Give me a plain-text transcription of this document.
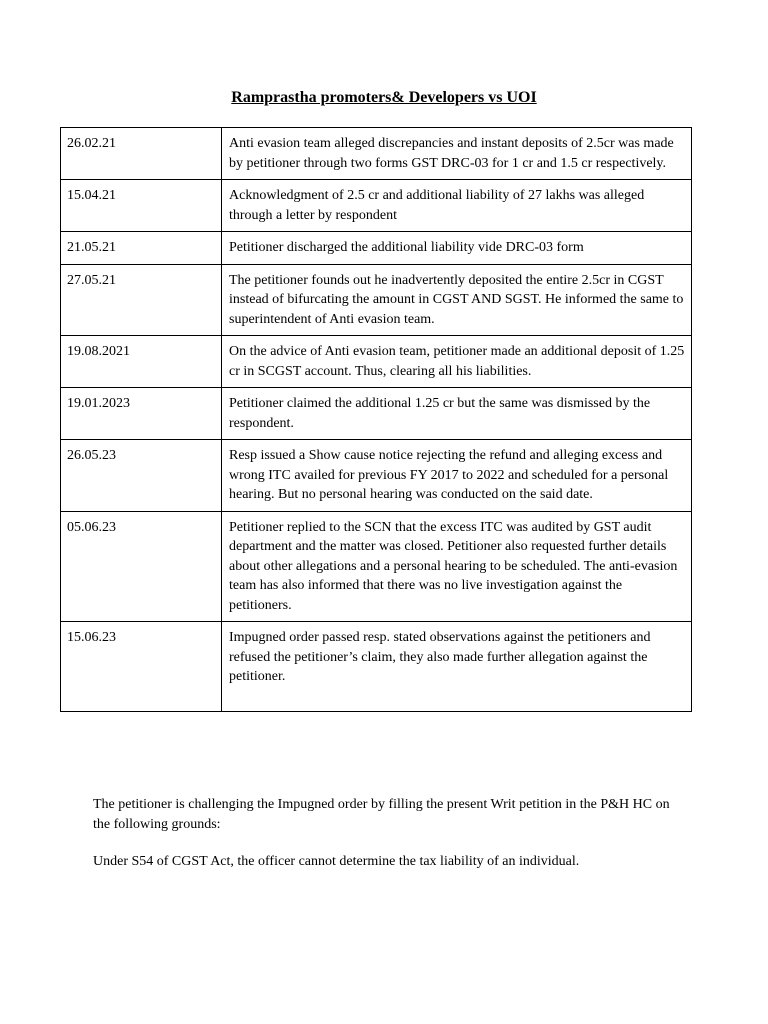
Ramprastha promoters& Developers vs UOI
26.02.21	Anti evasion team alleged discrepancies and instant deposits of 2.5cr was made by petitioner through two forms GST DRC-03 for 1 cr and 1.5 cr respectively.
15.04.21	Acknowledgment of 2.5 cr and additional liability of 27 lakhs was alleged through a letter by respondent
21.05.21	Petitioner discharged the additional liability vide DRC-03 form
27.05.21	The petitioner founds out he inadvertently deposited the entire 2.5cr in CGST instead of bifurcating the amount in CGST AND SGST. He informed the same to superintendent of Anti evasion team.
19.08.2021	On the advice of Anti evasion team, petitioner made an additional deposit of 1.25 cr in SCGST account. Thus, clearing all his liabilities.
19.01.2023	Petitioner claimed the additional 1.25 cr but the same was dismissed by the respondent.
26.05.23	Resp issued a Show cause notice rejecting the refund and alleging excess and wrong ITC availed for previous FY 2017 to 2022 and scheduled for a personal hearing. But no personal hearing was conducted on the said date.
05.06.23	Petitioner replied to the SCN that the excess ITC was audited by GST audit department and the matter was closed. Petitioner also requested further details about other allegations and a personal hearing to be scheduled. The anti-evasion team has also informed that there was no live investigation against the petitioners.
15.06.23	Impugned order passed resp. stated observations against the petitioners and refused the petitioner’s claim, they also made further allegation against the petitioner.
The petitioner is challenging the Impugned order by filling the present Writ petition in the P&H HC on the following grounds:
Under S54 of CGST Act, the officer cannot determine the tax liability of an individual.
